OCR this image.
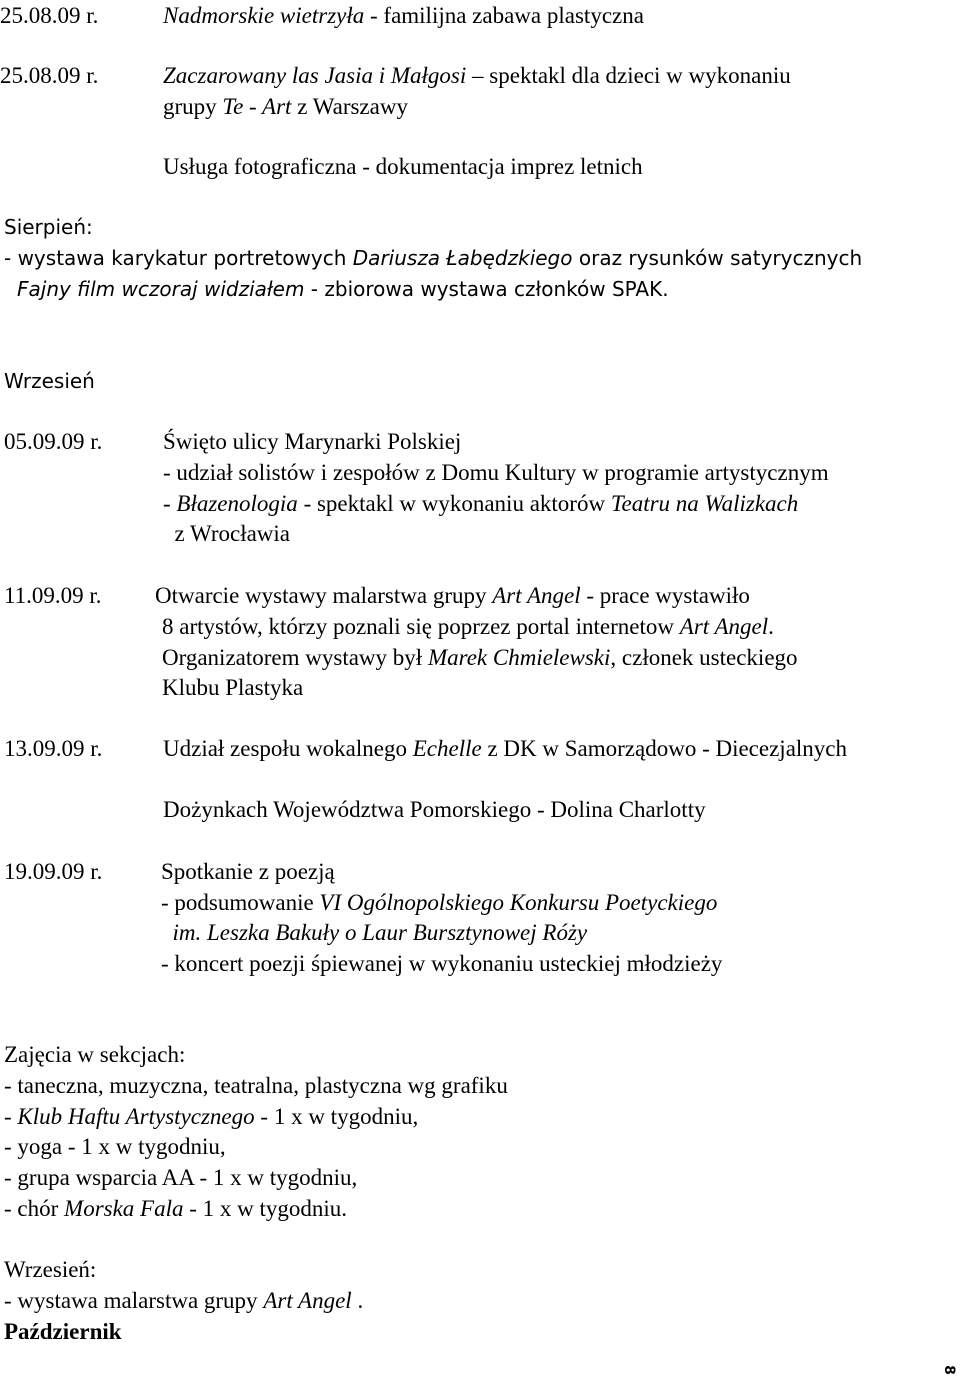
25.08.09 r.	Nadmorskie wietrzyła - familijna zabawa plastyczna
25.08.09 r.	Zaczarowany las Jasia i Małgosi – spektakl dla dzieci w wykonaniu
grupy Te - Art z Warszawy
Usługa fotograficzna - dokumentacja imprez letnich
Sierpień:
- wystawa karykatur portretowych Dariusza Łabędzkiego oraz rysunków satyrycznych
Fajny film wczoraj widziałem - zbiorowa wystawa członków SPAK.
Wrzesień
05.09.09 r.	Święto ulicy Marynarki Polskiej
- udział solistów i zespołów z Domu Kultury w programie artystycznym
- Błazenologia - spektakl w wykonaniu aktorów Teatru na Walizkach
z Wrocławia
11.09.09 r. Otwarcie wystawy malarstwa grupy Art Angel - prace wystawiło
8 artystów, którzy poznali się poprzez portal internetow Art Angel.
Organizatorem wystawy był Marek Chmielewski, członek usteckiego
Klubu Plastyka
13.09.09 r.	Udział zespołu wokalnego Echelle z DK w Samorządowo - Diecezjalnych
Dożynkach Województwa Pomorskiego - Dolina Charlotty
19.09.09 r.	Spotkanie z poezją
- podsumowanie VI Ogólnopolskiego Konkursu Poetyckiego
im. Leszka Bakuły o Laur Bursztynowej Róży
- koncert poezji śpiewanej w wykonaniu usteckiej młodzieży
Zajęcia w sekcjach:
- taneczna, muzyczna, teatralna, plastyczna wg grafiku
- Klub Haftu Artystycznego - 1 x w tygodniu,
- yoga - 1 x w tygodniu,
- grupa wsparcia AA - 1 x w tygodniu,
- chór Morska Fala - 1 x w tygodniu.
Wrzesień:
- wystawa malarstwa grupy Art Angel .
Październik
8
